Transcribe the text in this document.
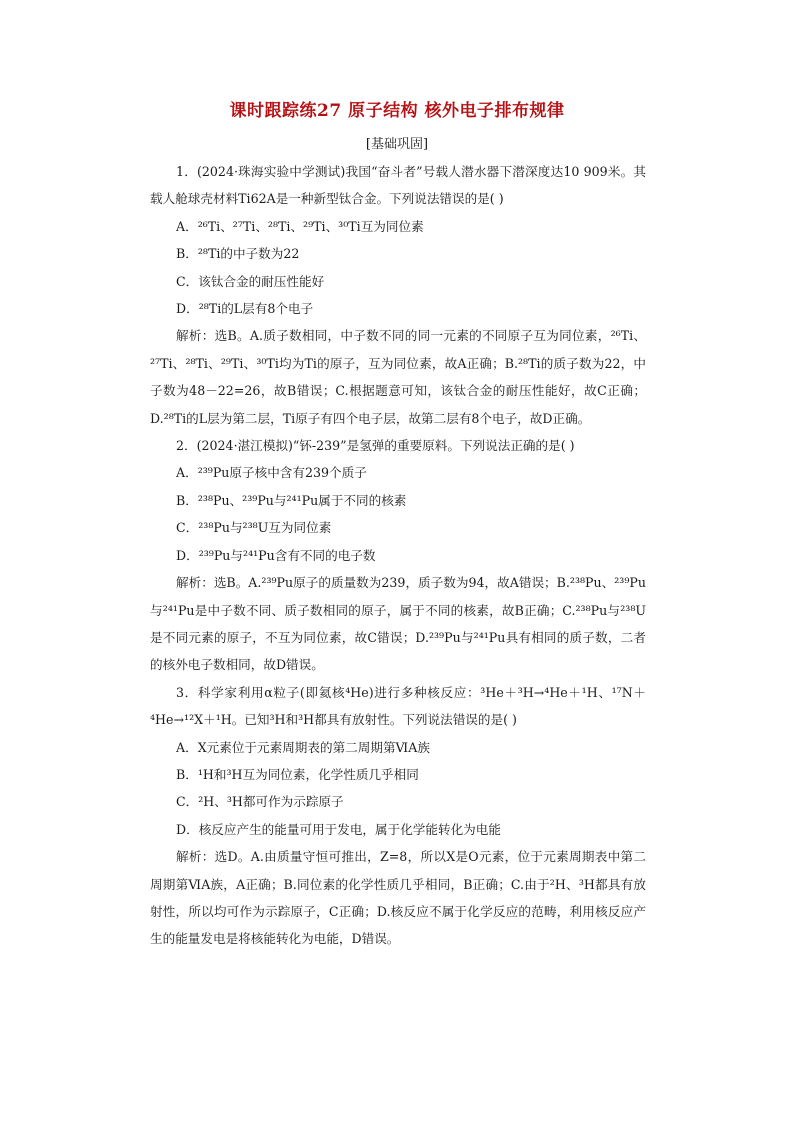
课时跟踪练27 原子结构 核外电子排布规律
[基础巩固]

1．(2024·珠海实验中学测试)我国“奋斗者”号载人潜水器下潜深度达10 909米。其载人舱球壳材料Ti62A是一种新型钛合金。下列说法错误的是( )

A．²⁶Ti、²⁷Ti、²⁸Ti、²⁹Ti、³⁰Ti互为同位素

B．²⁸Ti的中子数为22

C．该钛合金的耐压性能好

D．²⁸Ti的L层有8个电子

解析：选B。A.质子数相同，中子数不同的同一元素的不同原子互为同位素，²⁶Ti、²⁷Ti、²⁸Ti、²⁹Ti、³⁰Ti均为Ti的原子，互为同位素，故A正确；B.²⁸Ti的质子数为22，中子数为48－22=26，故B错误；C.根据题意可知，该钛合金的耐压性能好，故C正确；D.²⁸Ti的L层为第二层，Ti原子有四个电子层，故第二层有8个电子，故D正确。

2．(2024·湛江模拟)“钚-239”是氢弹的重要原料。下列说法正确的是( )

A．²³⁹Pu原子核中含有239个质子

B．²³⁸Pu、²³⁹Pu与²⁴¹Pu属于不同的核素

C．²³⁸Pu与²³⁸U互为同位素

D．²³⁹Pu与²⁴¹Pu含有不同的电子数

解析：选B。A.²³⁹Pu原子的质量数为239，质子数为94，故A错误；B.²³⁸Pu、²³⁹Pu与²⁴¹Pu是中子数不同、质子数相同的原子，属于不同的核素，故B正确；C.²³⁸Pu与²³⁸U是不同元素的原子，不互为同位素，故C错误；D.²³⁹Pu与²⁴¹Pu具有相同的质子数，二者的核外电子数相同，故D错误。

3．科学家利用α粒子(即氦核⁴He)进行多种核反应：³He＋³H→⁴He＋¹H、¹⁷N＋⁴He→¹²X＋¹H。已知³H和³H都具有放射性。下列说法错误的是( )

A．X元素位于元素周期表的第二周期第ⅥA族

B．¹H和³H互为同位素，化学性质几乎相同

C．²H、³H都可作为示踪原子

D．核反应产生的能量可用于发电，属于化学能转化为电能

解析：选D。A.由质量守恒可推出，Z=8，所以X是O元素，位于元素周期表中第二周期第ⅥA族，A正确；B.同位素的化学性质几乎相同，B正确；C.由于²H、³H都具有放射性，所以均可作为示踪原子，C正确；D.核反应不属于化学反应的范畴，利用核反应产生的能量发电是将核能转化为电能，D错误。
